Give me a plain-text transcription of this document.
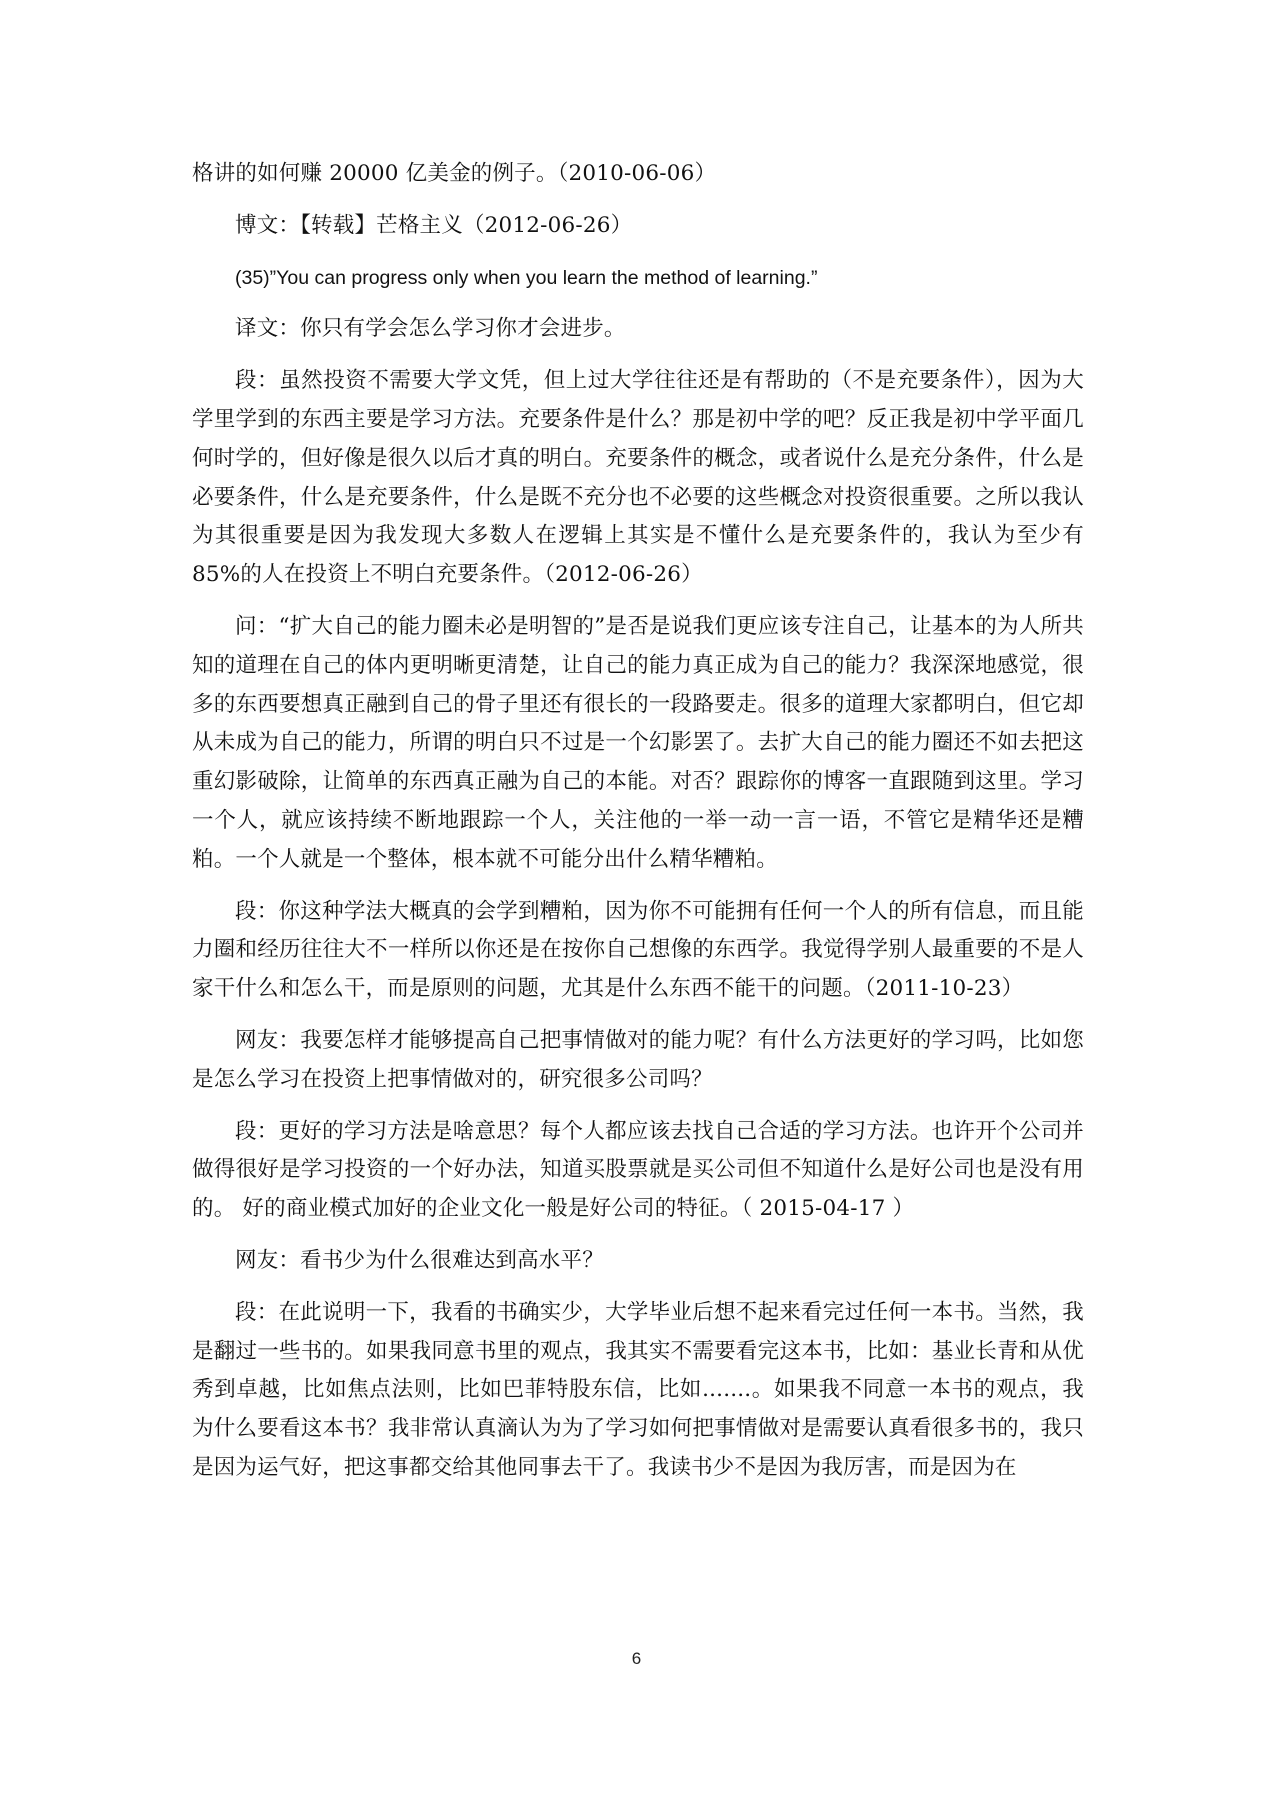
格讲的如何赚 20000 亿美金的例子。（2010-06-06）

博文：【转载】芒格主义（2012-06-26）

(35)”You can progress only when you learn the method of learning.”

译文：你只有学会怎么学习你才会进步。

段：虽然投资不需要大学文凭，但上过大学往往还是有帮助的（不是充要条件），因为大学里学到的东西主要是学习方法。充要条件是什么？那是初中学的吧？反正我是初中学平面几何时学的，但好像是很久以后才真的明白。充要条件的概念，或者说什么是充分条件，什么是必要条件，什么是充要条件，什么是既不充分也不必要的这些概念对投资很重要。之所以我认为其很重要是因为我发现大多数人在逻辑上其实是不懂什么是充要条件的，我认为至少有 85%的人在投资上不明白充要条件。（2012-06-26）

问：“扩大自己的能力圈未必是明智的”是否是说我们更应该专注自己，让基本的为人所共知的道理在自己的体内更明晰更清楚，让自己的能力真正成为自己的能力？我深深地感觉，很多的东西要想真正融到自己的骨子里还有很长的一段路要走。很多的道理大家都明白，但它却从未成为自己的能力，所谓的明白只不过是一个幻影罢了。去扩大自己的能力圈还不如去把这重幻影破除，让简单的东西真正融为自己的本能。对否？跟踪你的博客一直跟随到这里。学习一个人，就应该持续不断地跟踪一个人，关注他的一举一动一言一语，不管它是精华还是糟粕。一个人就是一个整体，根本就不可能分出什么精华糟粕。

段：你这种学法大概真的会学到糟粕，因为你不可能拥有任何一个人的所有信息，而且能力圈和经历往往大不一样所以你还是在按你自己想像的东西学。我觉得学别人最重要的不是人家干什么和怎么干，而是原则的问题，尤其是什么东西不能干的问题。（2011-10-23）

网友：我要怎样才能够提高自己把事情做对的能力呢？有什么方法更好的学习吗，比如您是怎么学习在投资上把事情做对的，研究很多公司吗？

段：更好的学习方法是啥意思？每个人都应该去找自己合适的学习方法。也许开个公司并做得很好是学习投资的一个好办法，知道买股票就是买公司但不知道什么是好公司也是没有用的。 好的商业模式加好的企业文化一般是好公司的特征。（ 2015-04-17 ）

网友：看书少为什么很难达到高水平？

段：在此说明一下，我看的书确实少，大学毕业后想不起来看完过任何一本书。当然，我是翻过一些书的。如果我同意书里的观点，我其实不需要看完这本书，比如：基业长青和从优秀到卓越，比如焦点法则，比如巴菲特股东信，比如.......。如果我不同意一本书的观点，我为什么要看这本书？我非常认真滴认为为了学习如何把事情做对是需要认真看很多书的，我只是因为运气好，把这事都交给其他同事去干了。我读书少不是因为我厉害，而是因为在

6
